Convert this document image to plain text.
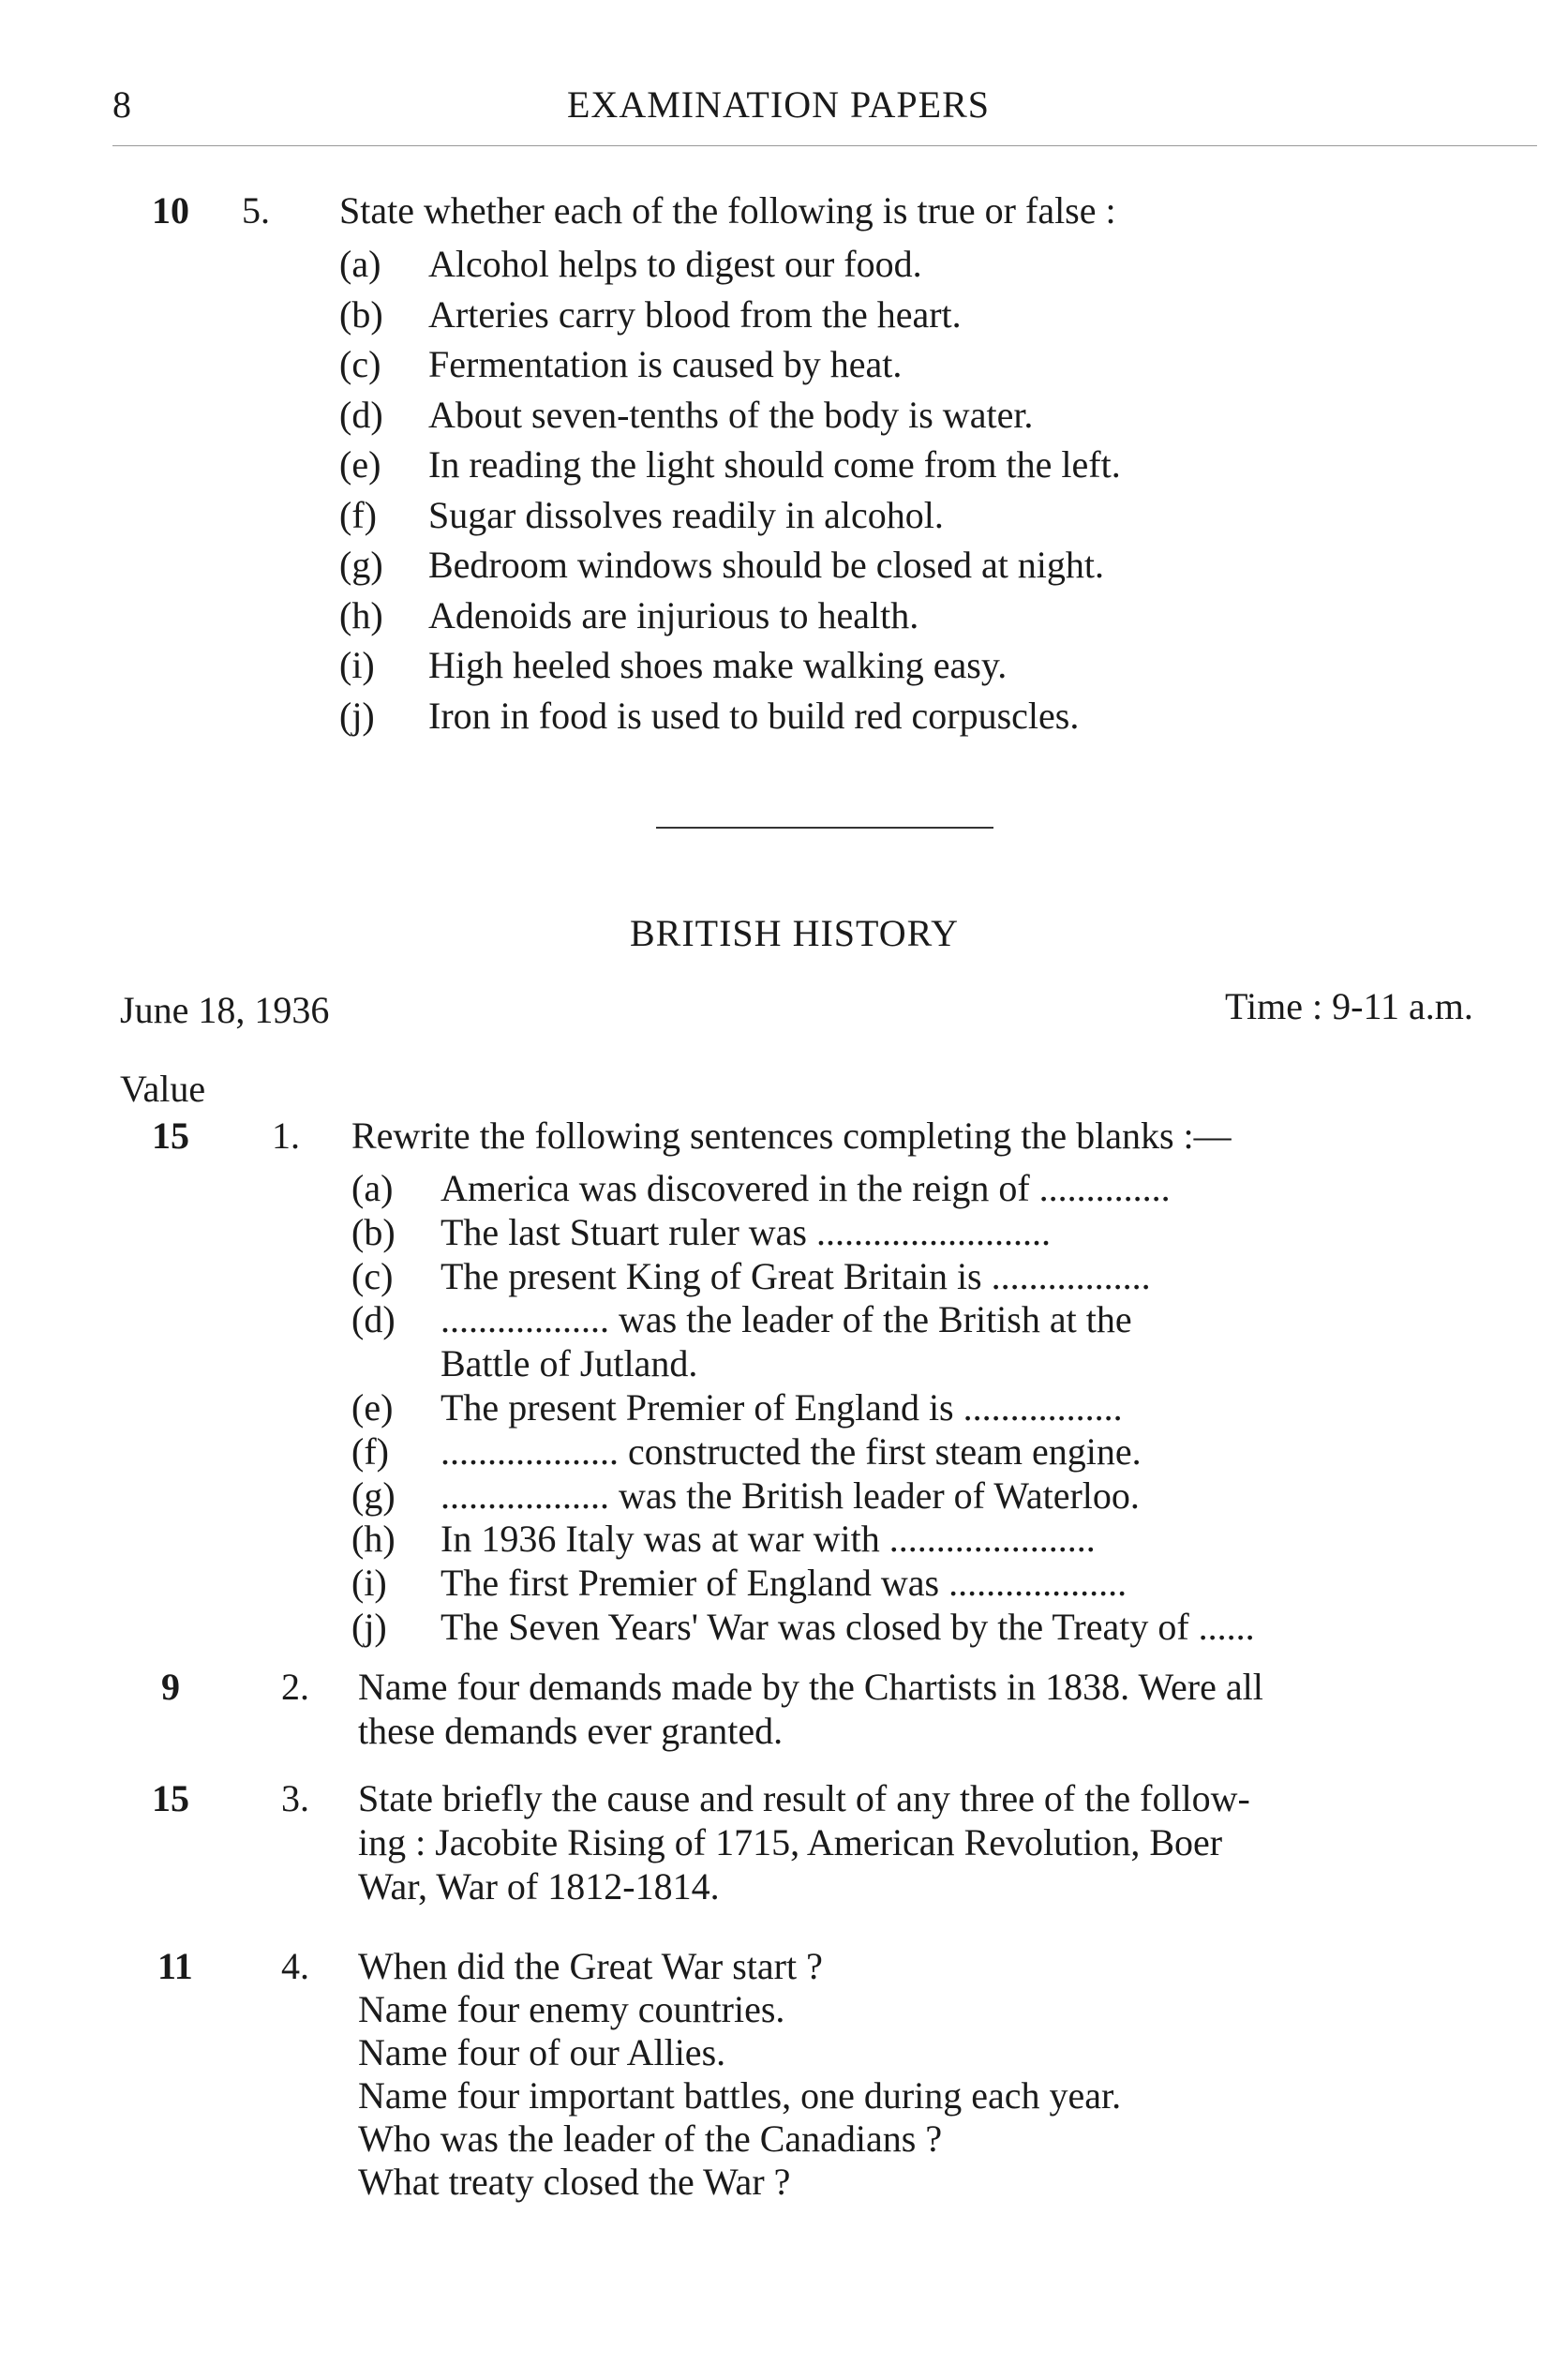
8	EXAMINATION PAPERS
10 5. State whether each of the following is true or false :
(a) Alcohol helps to digest our food.
(b) Arteries carry blood from the heart.
(c) Fermentation is caused by heat.
(d) About seven-tenths of the body is water.
(e) In reading the light should come from the left.
(f) Sugar dissolves readily in alcohol.
(g) Bedroom windows should be closed at night.
(h) Adenoids are injurious to health.
(i) High heeled shoes make walking easy.
(j) Iron in food is used to build red corpuscles.
BRITISH HISTORY
June 18, 1936	Time : 9-11 a.m.
Value
15 1. Rewrite the following sentences completing the blanks :—
(a) America was discovered in the reign of ..............
(b) The last Stuart ruler was .........................
(c) The present King of Great Britain is .................
(d) .................. was the leader of the British at the
Battle of Jutland.
(e) The present Premier of England is .................
(f) ................... constructed the first steam engine.
(g) .................. was the British leader of Waterloo.
(h) In 1936 Italy was at war with ......................
(i) The first Premier of England was ...................
(j) The Seven Years' War was closed by the Treaty of ......
9	2. Name four demands made by the Chartists in 1838. Were all
these demands ever granted.
15 3. State briefly the cause and result of any three of the follow-
ing : Jacobite Rising of 1715, American Revolution, Boer
War, War of 1812-1814.
11 4. When did the Great War start ?
Name four enemy countries.
Name four of our Allies.
Name four important battles, one during each year.
Who was the leader of the Canadians ?
What treaty closed the War ?
